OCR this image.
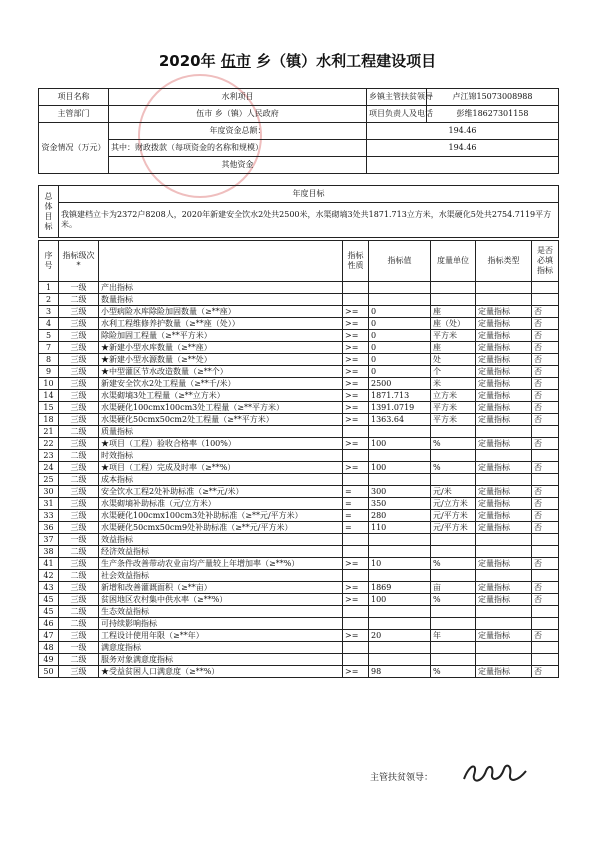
2020年 伍市 乡（镇）水利工程建设项目
项目名称	水利项目	乡镇主管扶贫领导	卢江锦15073008988
主管部门	伍市 乡（镇）人民政府	项目负责人及电话	彭维18627301158
资金情况（万元）	年度资金总额：	194.46	
	其中：财政拨款（每项资金的名称和规模）	194.46	
	其他资金		
总体目标	年度目标
我镇建档立卡为2372户8208人，2020年新建安全饮水2处共2500米，水渠砌墒3处共1871.713立方米，水渠硬化5处共2754.7119平方米。

序号	指标级次*		指标性质	指标值	度量单位	指标类型	是否必填指标
1	一级	产出指标					
2	二级	数量指标					
3	三级	小型病险水库除险加固数量（≥**座）	>=	0	座	定量指标	否
4	三级	水利工程维修养护数量（≥**座（处））	>=	0	座（处）	定量指标	否
5	三级	除险加固工程量（≥**平方米）	>=	0	平方米	定量指标	否
7	三级	★新建小型水库数量（≥**座）	>=	0	座	定量指标	否
8	三级	★新建小型水源数量（≥**处）	>=	0	处	定量指标	否
9	三级	★中型灌区节水改造数量（≥**个）	>=	0	个	定量指标	否
10	三级	新建安全饮水2处工程量（≥**千/米）	>=	2500	米	定量指标	否
14	三级	水渠砌墒3处工程量（≥**立方米）	>=	1871.713	立方米	定量指标	否
15	三级	水渠硬化100cmx100cm3处工程量（≥**平方米）	>=	1391.0719	平方米	定量指标	否
18	三级	水渠硬化50cmx50cm2处工程量（≥**平方米）	>=	1363.64	平方米	定量指标	否
21	二级	质量指标					
22	三级	★项目（工程）验收合格率（100%）	>=	100	%	定量指标	否
23	二级	时效指标					
24	三级	★项目（工程）完成及时率（≥**%）	>=	100	%	定量指标	否
25	二级	成本指标					
30	三级	安全饮水工程2处补助标准（≥**元/米）	=	300	元/米	定量指标	否
31	三级	水渠砌墒补助标准（元/立方米）	=	350	元/立方米	定量指标	否
33	三级	水渠硬化100cmx100cm3处补助标准（≥**元/平方米）	=	280	元/平方米	定量指标	否
36	三级	水渠硬化50cmx50cm9处补助标准（≥**元/平方米）	=	110	元/平方米	定量指标	否
37	一级	效益指标					
38	二级	经济效益指标					
41	三级	生产条件改善带动农业亩均产量较上年增加率（≥**%）	>=	10	%	定量指标	否
42	二级	社会效益指标					
43	三级	新增和改善灌溉面积（≥**亩）	>=	1869	亩	定量指标	否
45	三级	贫困地区农村集中供水率（≥**%）	>=	100	%	定量指标	否
45	二级	生态效益指标					
46	二级	可持续影响指标					
47	三级	工程设计使用年限（≥**年）	>=	20	年	定量指标	否
48	一级	满意度指标					
49	二级	服务对象满意度指标					
50	三级	★受益贫困人口满意度（≥**%）	>=	98	%	定量指标	否
主管扶贫领导：
